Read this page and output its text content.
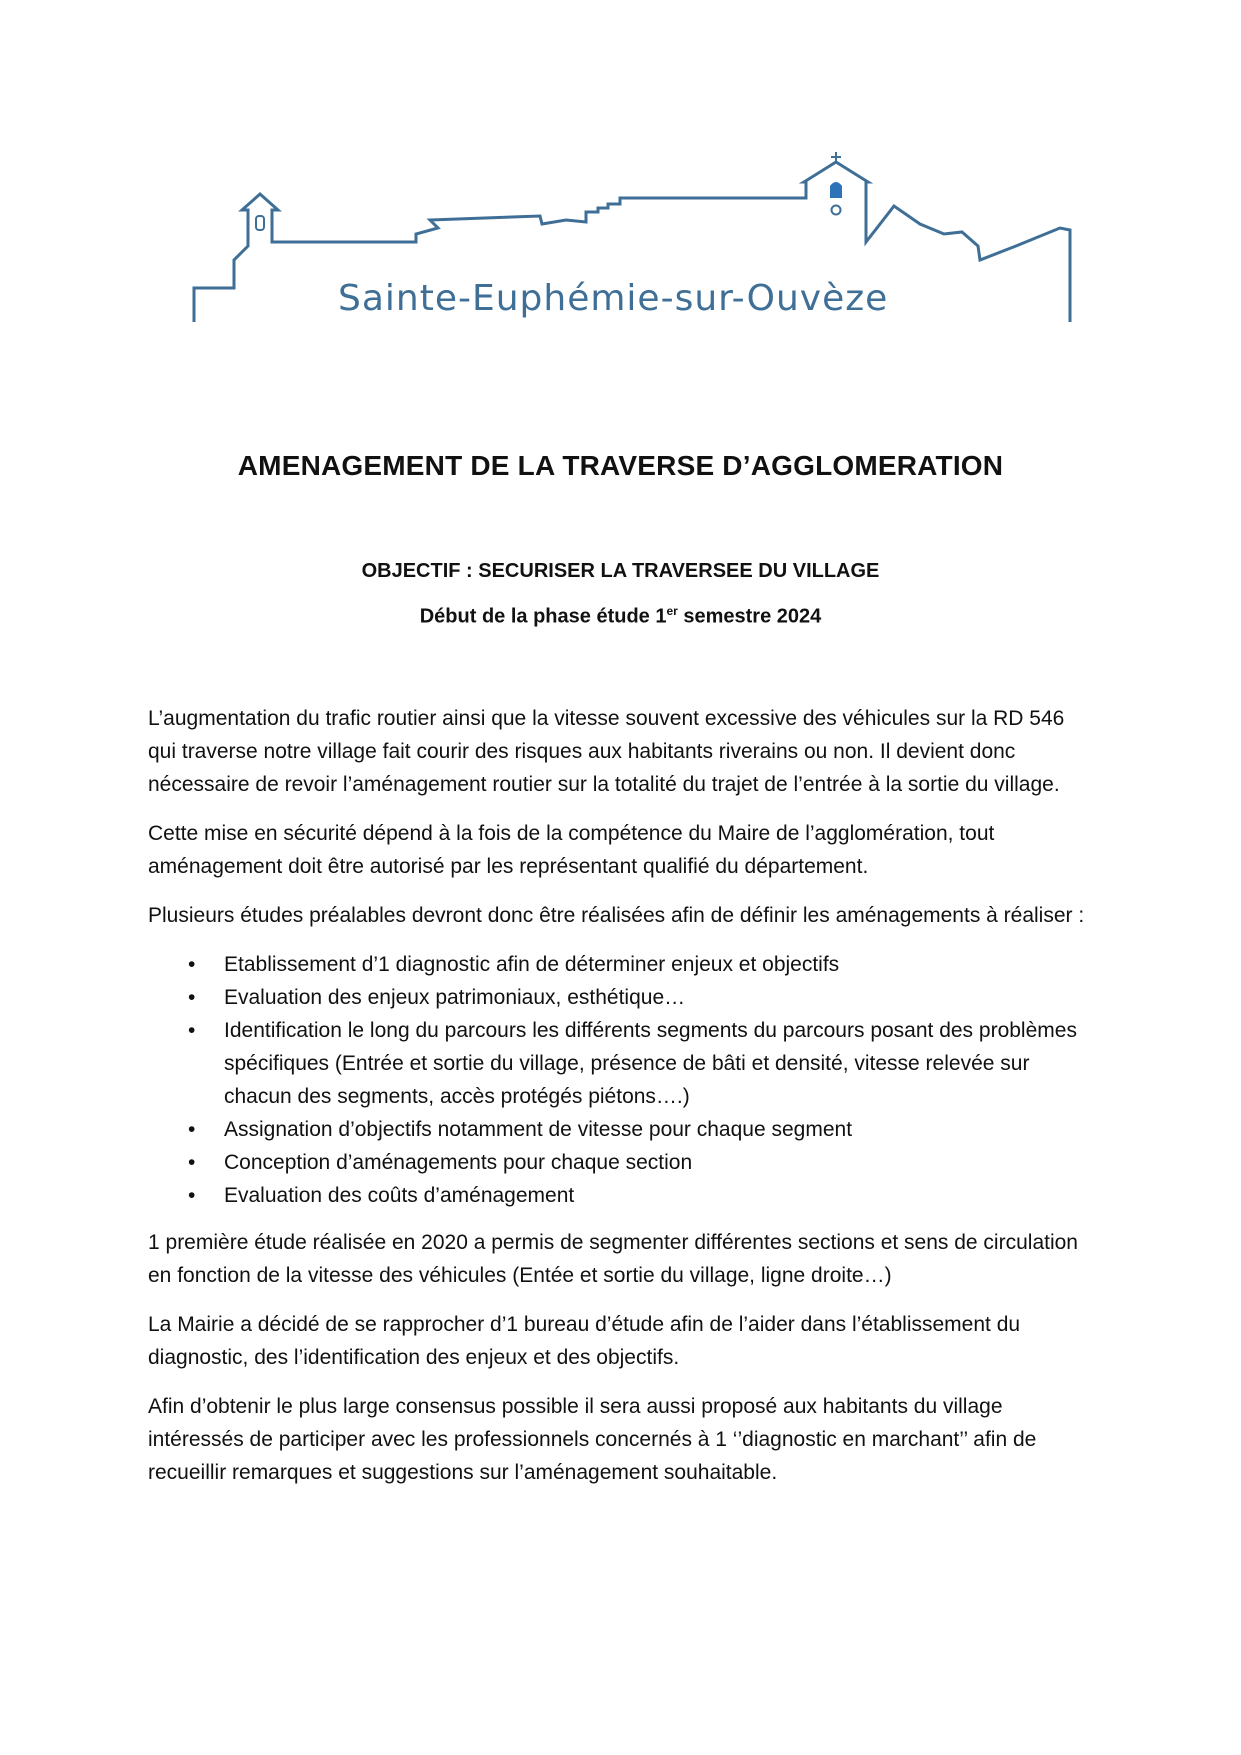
Sainte-Euphémie-sur-Ouvèze
AMENAGEMENT DE LA TRAVERSE D’AGGLOMERATION
OBJECTIF : SECURISER LA TRAVERSEE DU VILLAGE
Début de la phase étude 1er semestre 2024

L’augmentation du trafic routier ainsi que la vitesse souvent excessive des véhicules sur la RD 546 qui traverse notre village fait courir des risques aux habitants riverains ou non. Il devient donc nécessaire de revoir l’aménagement routier sur la totalité du trajet de l’entrée à la sortie du village.

Cette mise en sécurité dépend à la fois de la compétence du Maire de l’agglomération, tout aménagement doit être autorisé par les représentant qualifié du département.

Plusieurs études préalables devront donc être réalisées afin de définir les aménagements à réaliser :

• Etablissement d’1 diagnostic afin de déterminer enjeux et objectifs
• Evaluation des enjeux patrimoniaux, esthétique…
• Identification le long du parcours les différents segments du parcours posant des problèmes spécifiques (Entrée et sortie du village, présence de bâti et densité, vitesse relevée sur chacun des segments, accès protégés piétons….)
• Assignation d’objectifs notamment de vitesse pour chaque segment
• Conception d’aménagements pour chaque section
• Evaluation des coûts d’aménagement

1 première étude réalisée en 2020 a permis de segmenter différentes sections et sens de circulation en fonction de la vitesse des véhicules (Entée et sortie du village, ligne droite…)

La Mairie a décidé de se rapprocher d’1 bureau d’étude afin de l’aider dans l’établissement du diagnostic, des l’identification des enjeux et des objectifs.

Afin d’obtenir le plus large consensus possible il sera aussi proposé aux habitants du village intéressés de participer avec les professionnels concernés à 1 ‘’diagnostic en marchant’’ afin de recueillir remarques et suggestions sur l’aménagement souhaitable.
